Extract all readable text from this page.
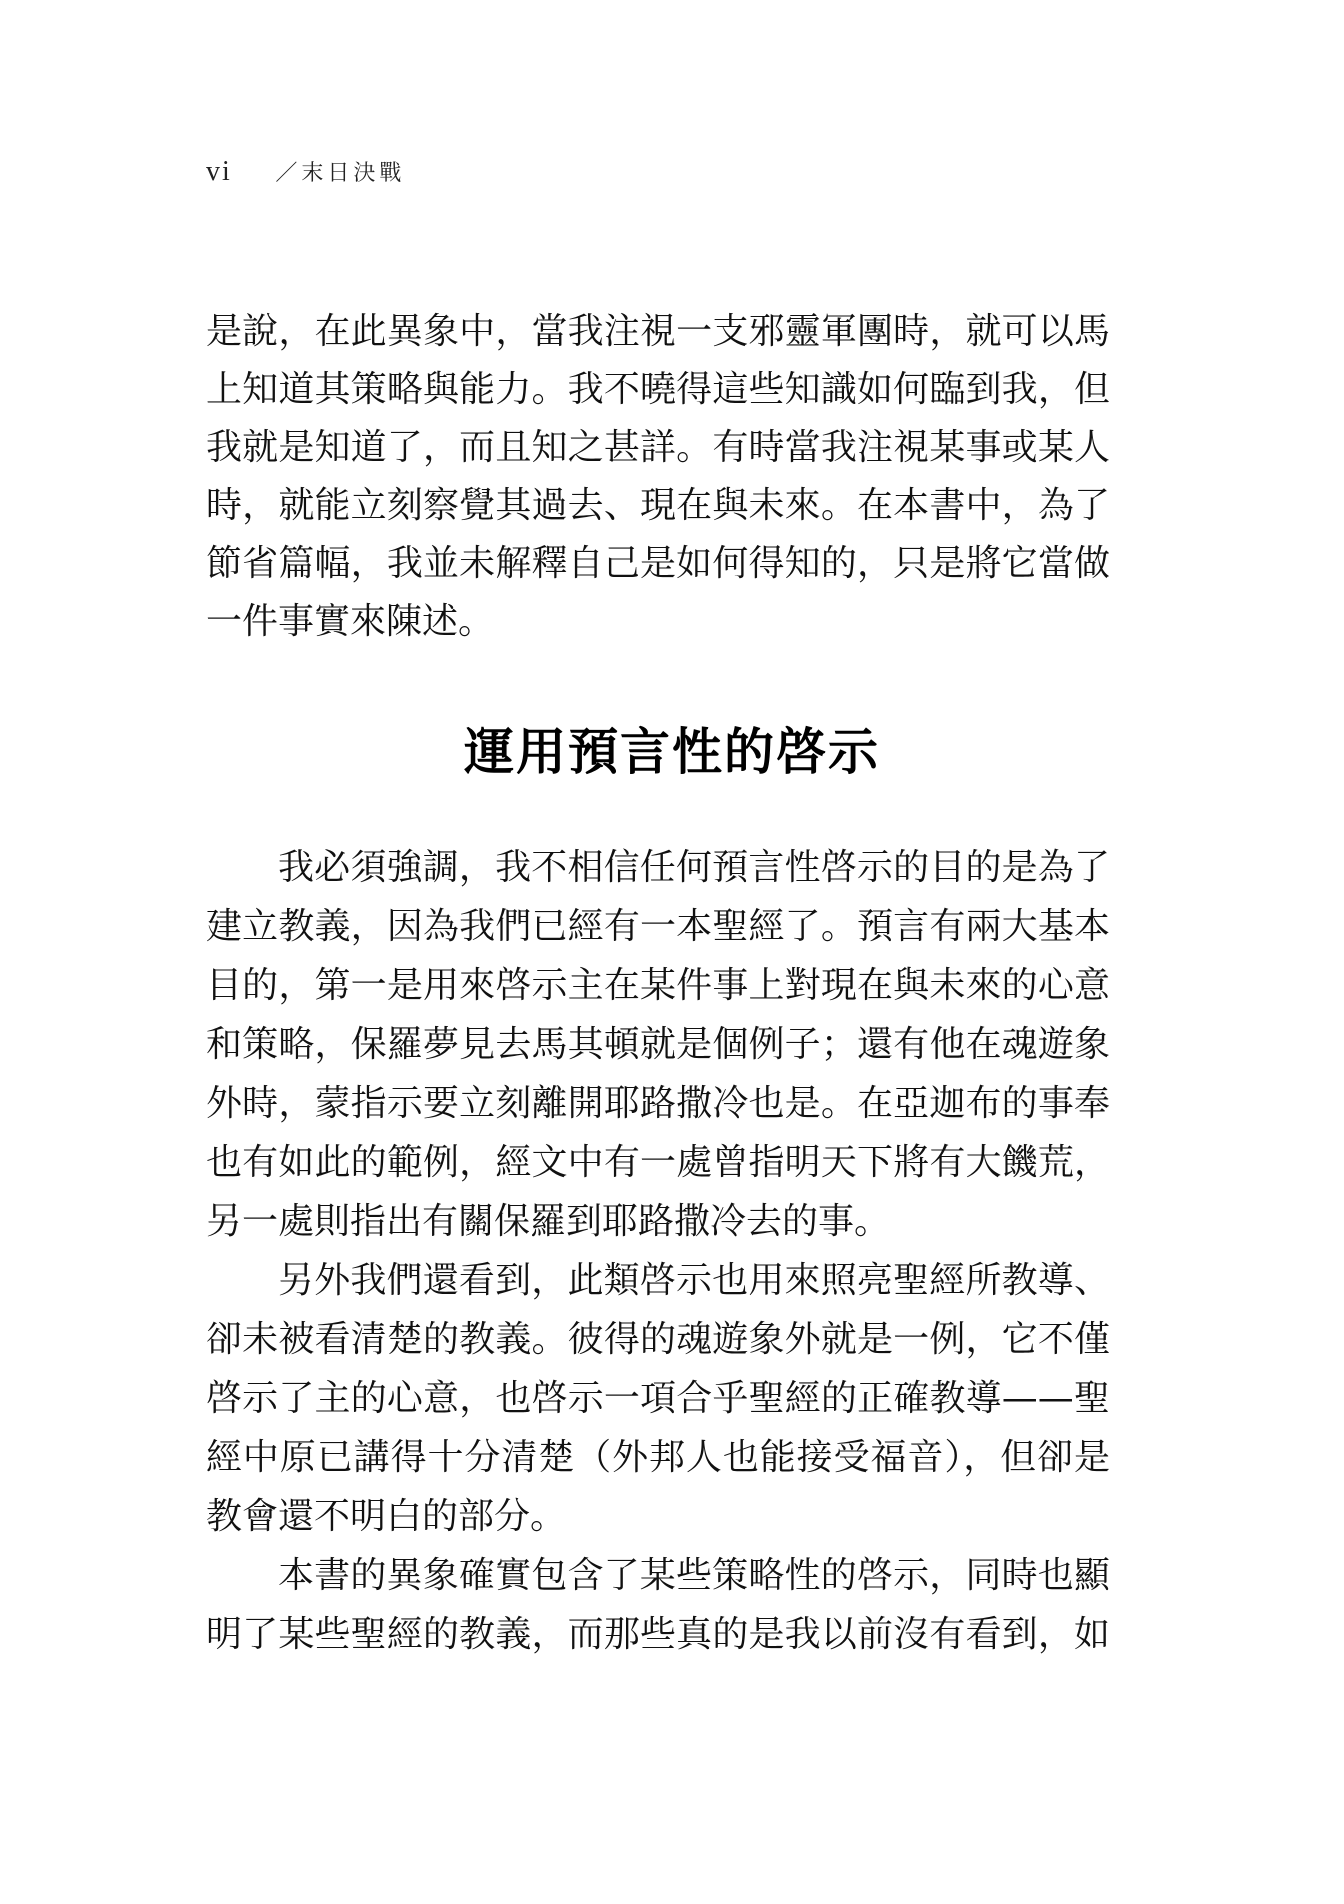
vi ／末日決戰
是說，在此異象中，當我注視一支邪靈軍團時，就可以馬
上知道其策略與能力。我不曉得這些知識如何臨到我，但
我就是知道了，而且知之甚詳。有時當我注視某事或某人
時，就能立刻察覺其過去、現在與未來。在本書中，為了
節省篇幅，我並未解釋自己是如何得知的，只是將它當做
一件事實來陳述。
運用預言性的啓示
我必須強調，我不相信任何預言性啓示的目的是為了
建立教義，因為我們已經有一本聖經了。預言有兩大基本
目的，第一是用來啓示主在某件事上對現在與未來的心意
和策略，保羅夢見去馬其頓就是個例子；還有他在魂遊象
外時，蒙指示要立刻離開耶路撒冷也是。在亞迦布的事奉
也有如此的範例，經文中有一處曾指明天下將有大饑荒，
另一處則指出有關保羅到耶路撒冷去的事。
另外我們還看到，此類啓示也用來照亮聖經所教導、
卻未被看清楚的教義。彼得的魂遊象外就是一例，它不僅
啓示了主的心意，也啓示一項合乎聖經的正確教導——聖
經中原已講得十分清楚（外邦人也能接受福音），但卻是
教會還不明白的部分。
本書的異象確實包含了某些策略性的啓示，同時也顯
明了某些聖經的教義，而那些真的是我以前沒有看到，如
